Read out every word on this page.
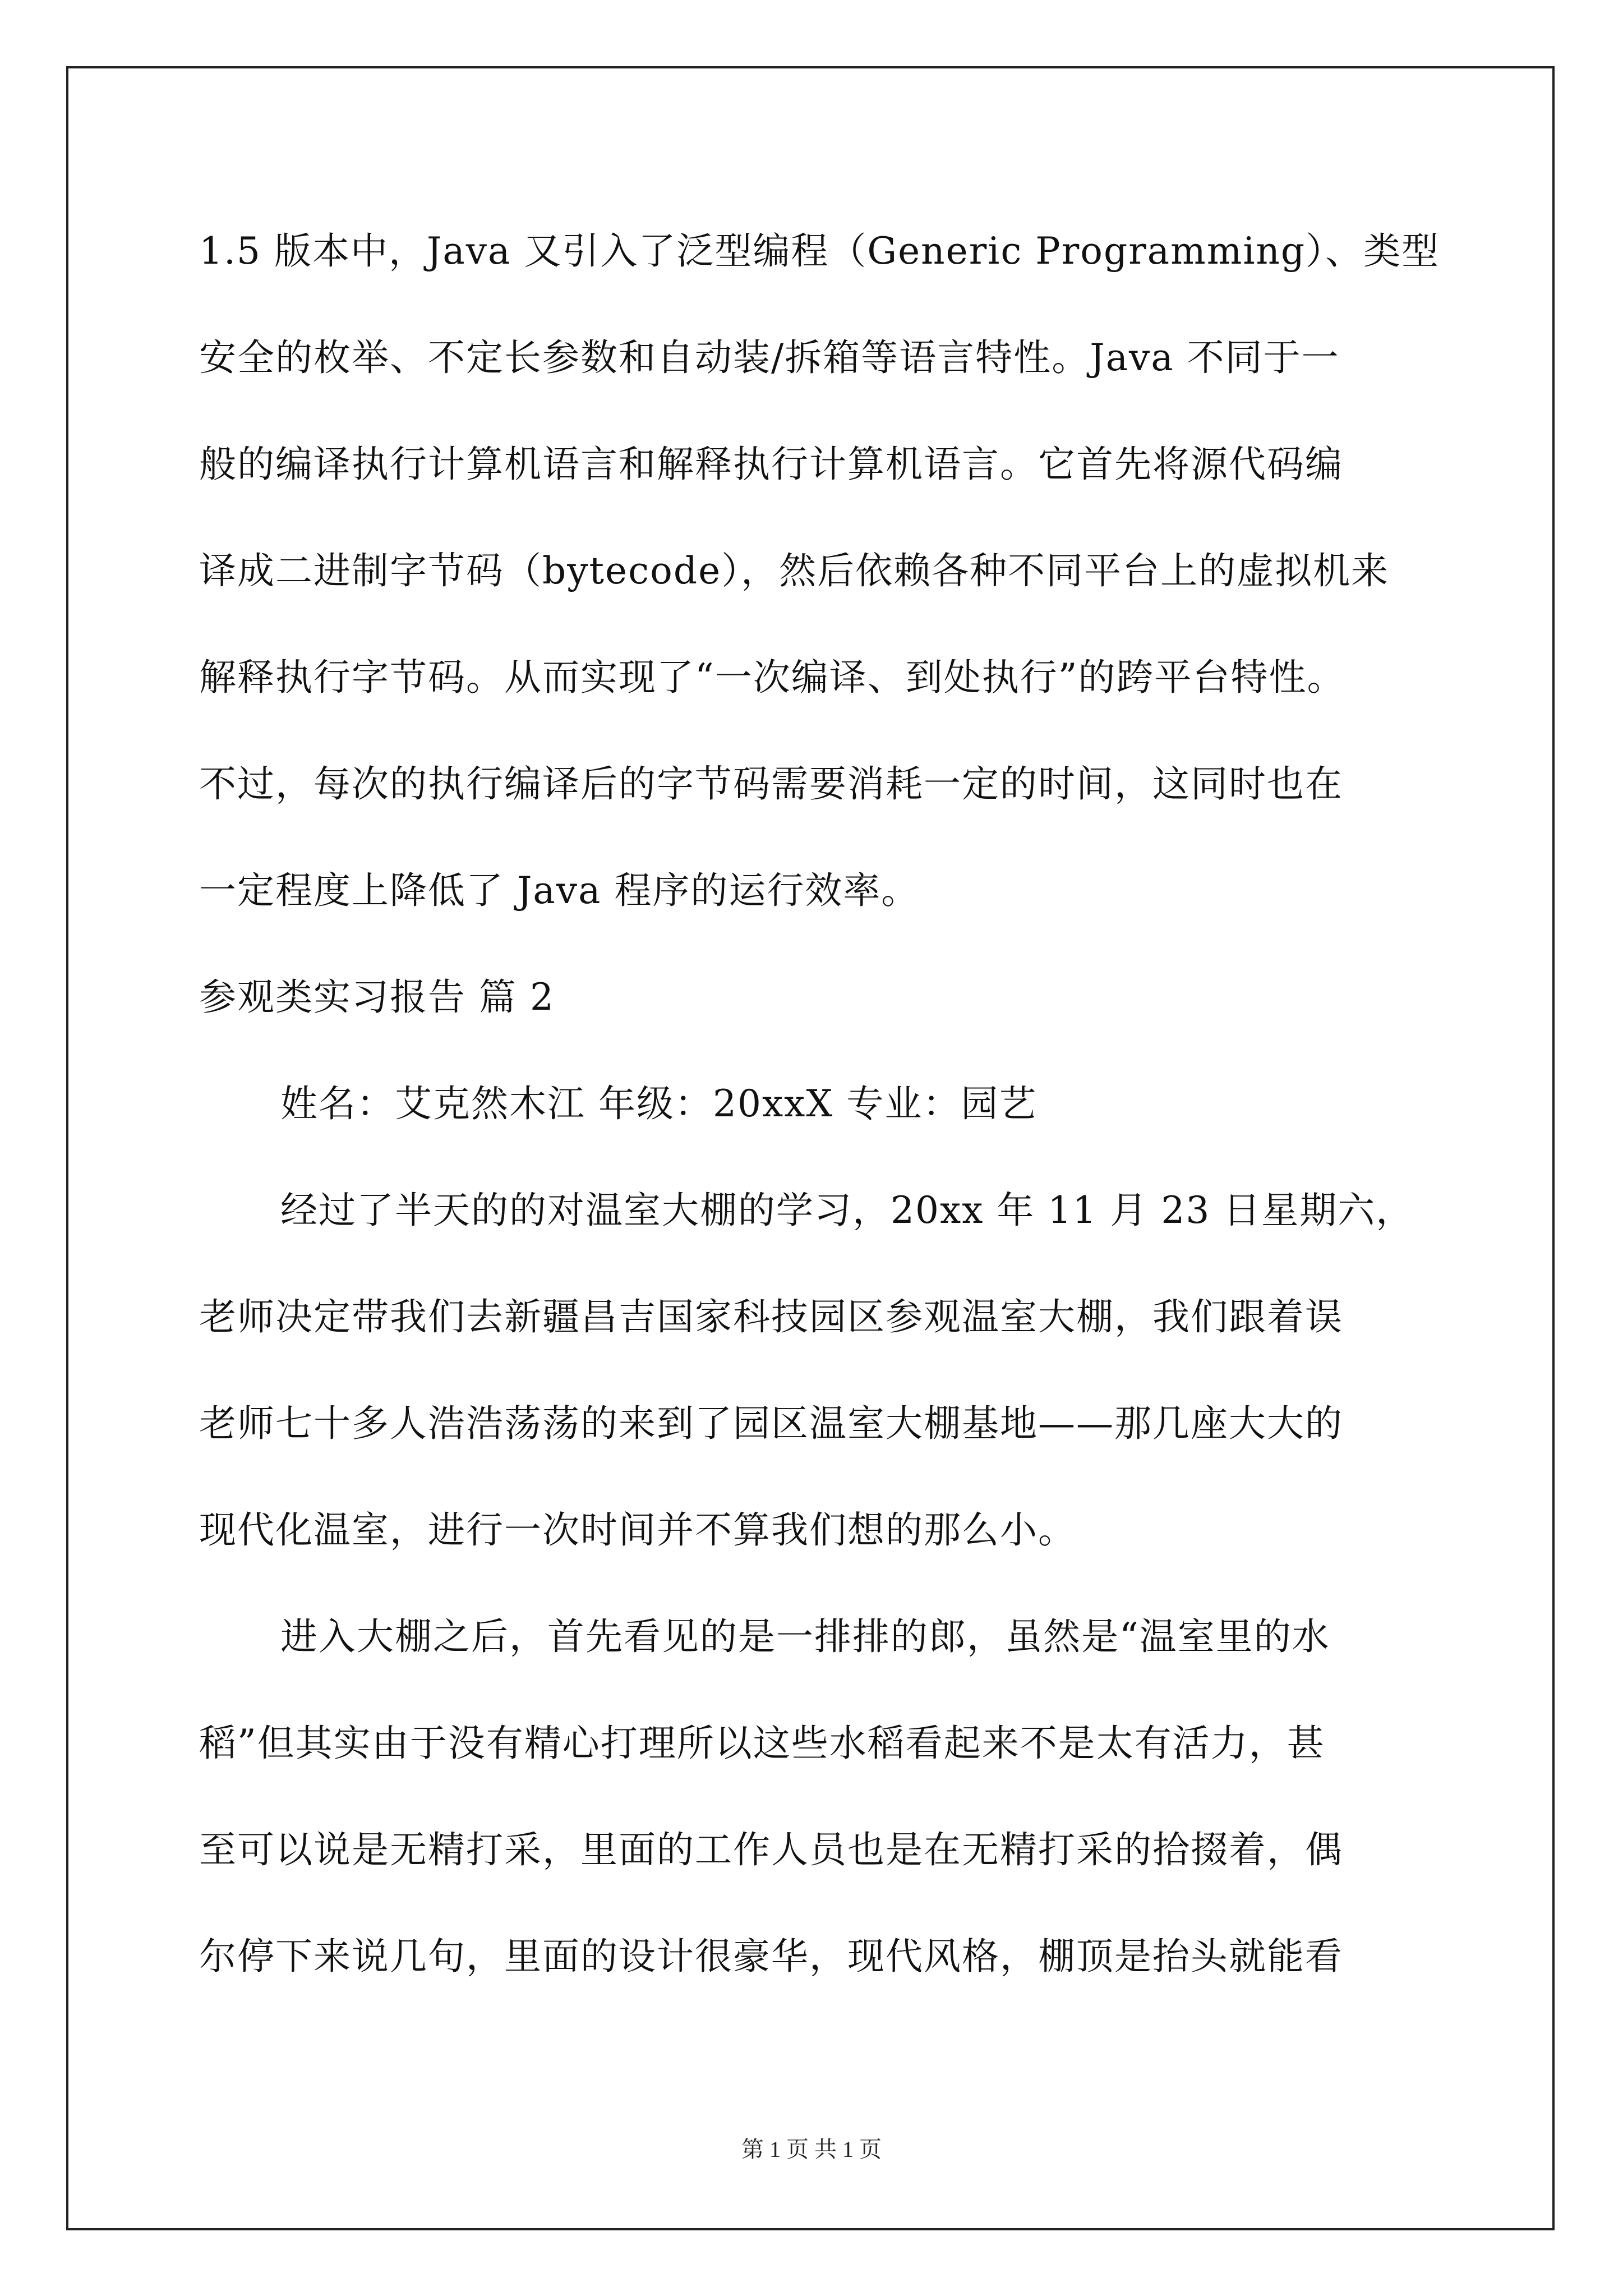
1.5 版本中，Java 又引入了泛型编程（Generic Programming）、类型
安全的枚举、不定长参数和自动装/拆箱等语言特性。Java 不同于一
般的编译执行计算机语言和解释执行计算机语言。它首先将源代码编
译成二进制字节码（bytecode），然后依赖各种不同平台上的虚拟机来
解释执行字节码。从而实现了“一次编译、到处执行”的跨平台特性。
不过，每次的执行编译后的字节码需要消耗一定的时间，这同时也在
一定程度上降低了 Java 程序的运行效率。
参观类实习报告 篇 2
姓名：艾克然木江 年级：20xxX 专业：园艺
经过了半天的的对温室大棚的学习，20xx 年 11 月 23 日星期六，
老师决定带我们去新疆昌吉国家科技园区参观温室大棚，我们跟着误
老师七十多人浩浩荡荡的来到了园区温室大棚基地——那几座大大的
现代化温室，进行一次时间并不算我们想的那么小。
进入大棚之后，首先看见的是一排排的郎，虽然是“温室里的水
稻”但其实由于没有精心打理所以这些水稻看起来不是太有活力，甚
至可以说是无精打采，里面的工作人员也是在无精打采的拾掇着，偶
尔停下来说几句，里面的设计很豪华，现代风格，棚顶是抬头就能看
第 1 页 共 1 页
